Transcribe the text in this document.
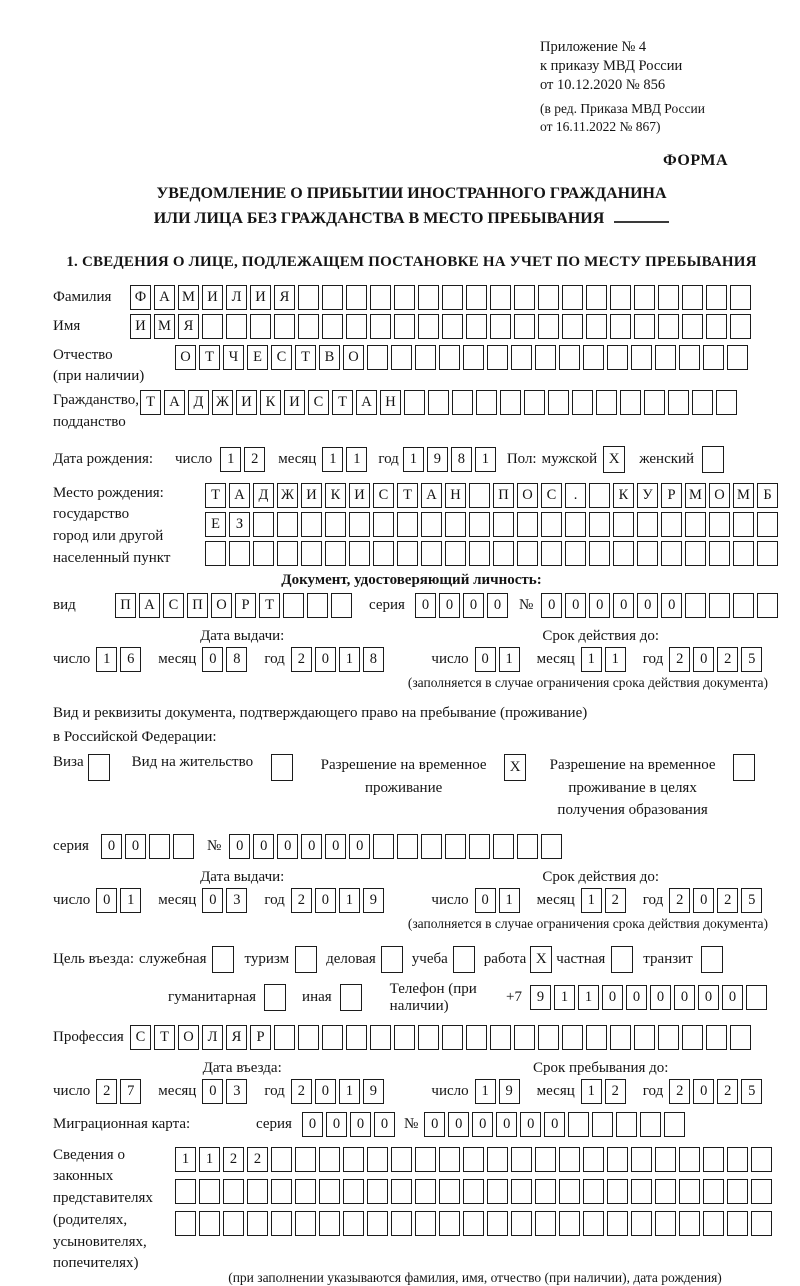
Приложение № 4
к приказу МВД России
от 10.12.2020 № 856
(в ред. Приказа МВД России
от 16.11.2022 № 867)
ФОРМА
УВЕДОМЛЕНИЕ О ПРИБЫТИИ ИНОСТРАННОГО ГРАЖДАНИНА
ИЛИ ЛИЦА БЕЗ ГРАЖДАНСТВА В МЕСТО ПРЕБЫВАНИЯ
1. СВЕДЕНИЯ О ЛИЦЕ, ПОДЛЕЖАЩЕМ ПОСТАНОВКЕ НА УЧЕТ ПО МЕСТУ ПРЕБЫВАНИЯ
Фамилия	Ф А М И Л И Я
Имя	И М Я
Отчество
(при наличии)
О Т	Ч	Е	С	Т	В О
Гражданство,
подданство
Т А Д Ж И К И С	Т А Н
Дата рождения:	число	1	2	месяц 1	1	год 1	9	8	1	Пол: мужской X	женский
Место рождения:
государство
город или другой
населенный пункт
Т А Д Ж И К И С	Т А Н	П О С	.	К У	Р М О М Б
Е	З
Документ, удостоверяющий личность:
вид	П А С П О	Р	Т	серия	0	0	0	0	№	0	0	0	0	0	0
Дата выдачи:
число 1	6	месяц 0	8	год 2	0	1	8
Срок действия до:
число 0	1	месяц 1	1	год 2	0	2	5
(заполняется в случае ограничения срока действия документа)
Вид и реквизиты документа, подтверждающего право на пребывание (проживание)
в Российской Федерации:
Виза	Вид на жительство	Разрешение на временное проживание
X	Разрешение на временное проживание в целях получения образования
серия	0	0	№	0	0	0	0	0	0
Дата выдачи:
число 0	1	месяц 0	3	год 2	0	1	9
Срок действия до:
число 0	1	месяц 1	2	год 2	0	2	5
(заполняется в случае ограничения срока действия документа)
Цель въезда: служебная	туризм деловая учеба работа X частная	транзит
гуманитарная	иная
Телефон (при наличии)
+7	9	1	1	0	0	0	0	0	0
Профессия С	Т О Л Я	Р
Дата въезда:
число 2	7	месяц 0	3	год 2	0	1	9
Срок пребывания до:
число 1	9	месяц 1	2	год 2	0	2	5
Миграционная карта:	серия	0	0	0	0	№ 0	0	0	0	0	0
Сведения о
законных
представителях
(родителях,
усыновителях,
попечителях)
1	1	2	2
(при заполнении указываются фамилия, имя, отчество (при наличии), дата рождения)
